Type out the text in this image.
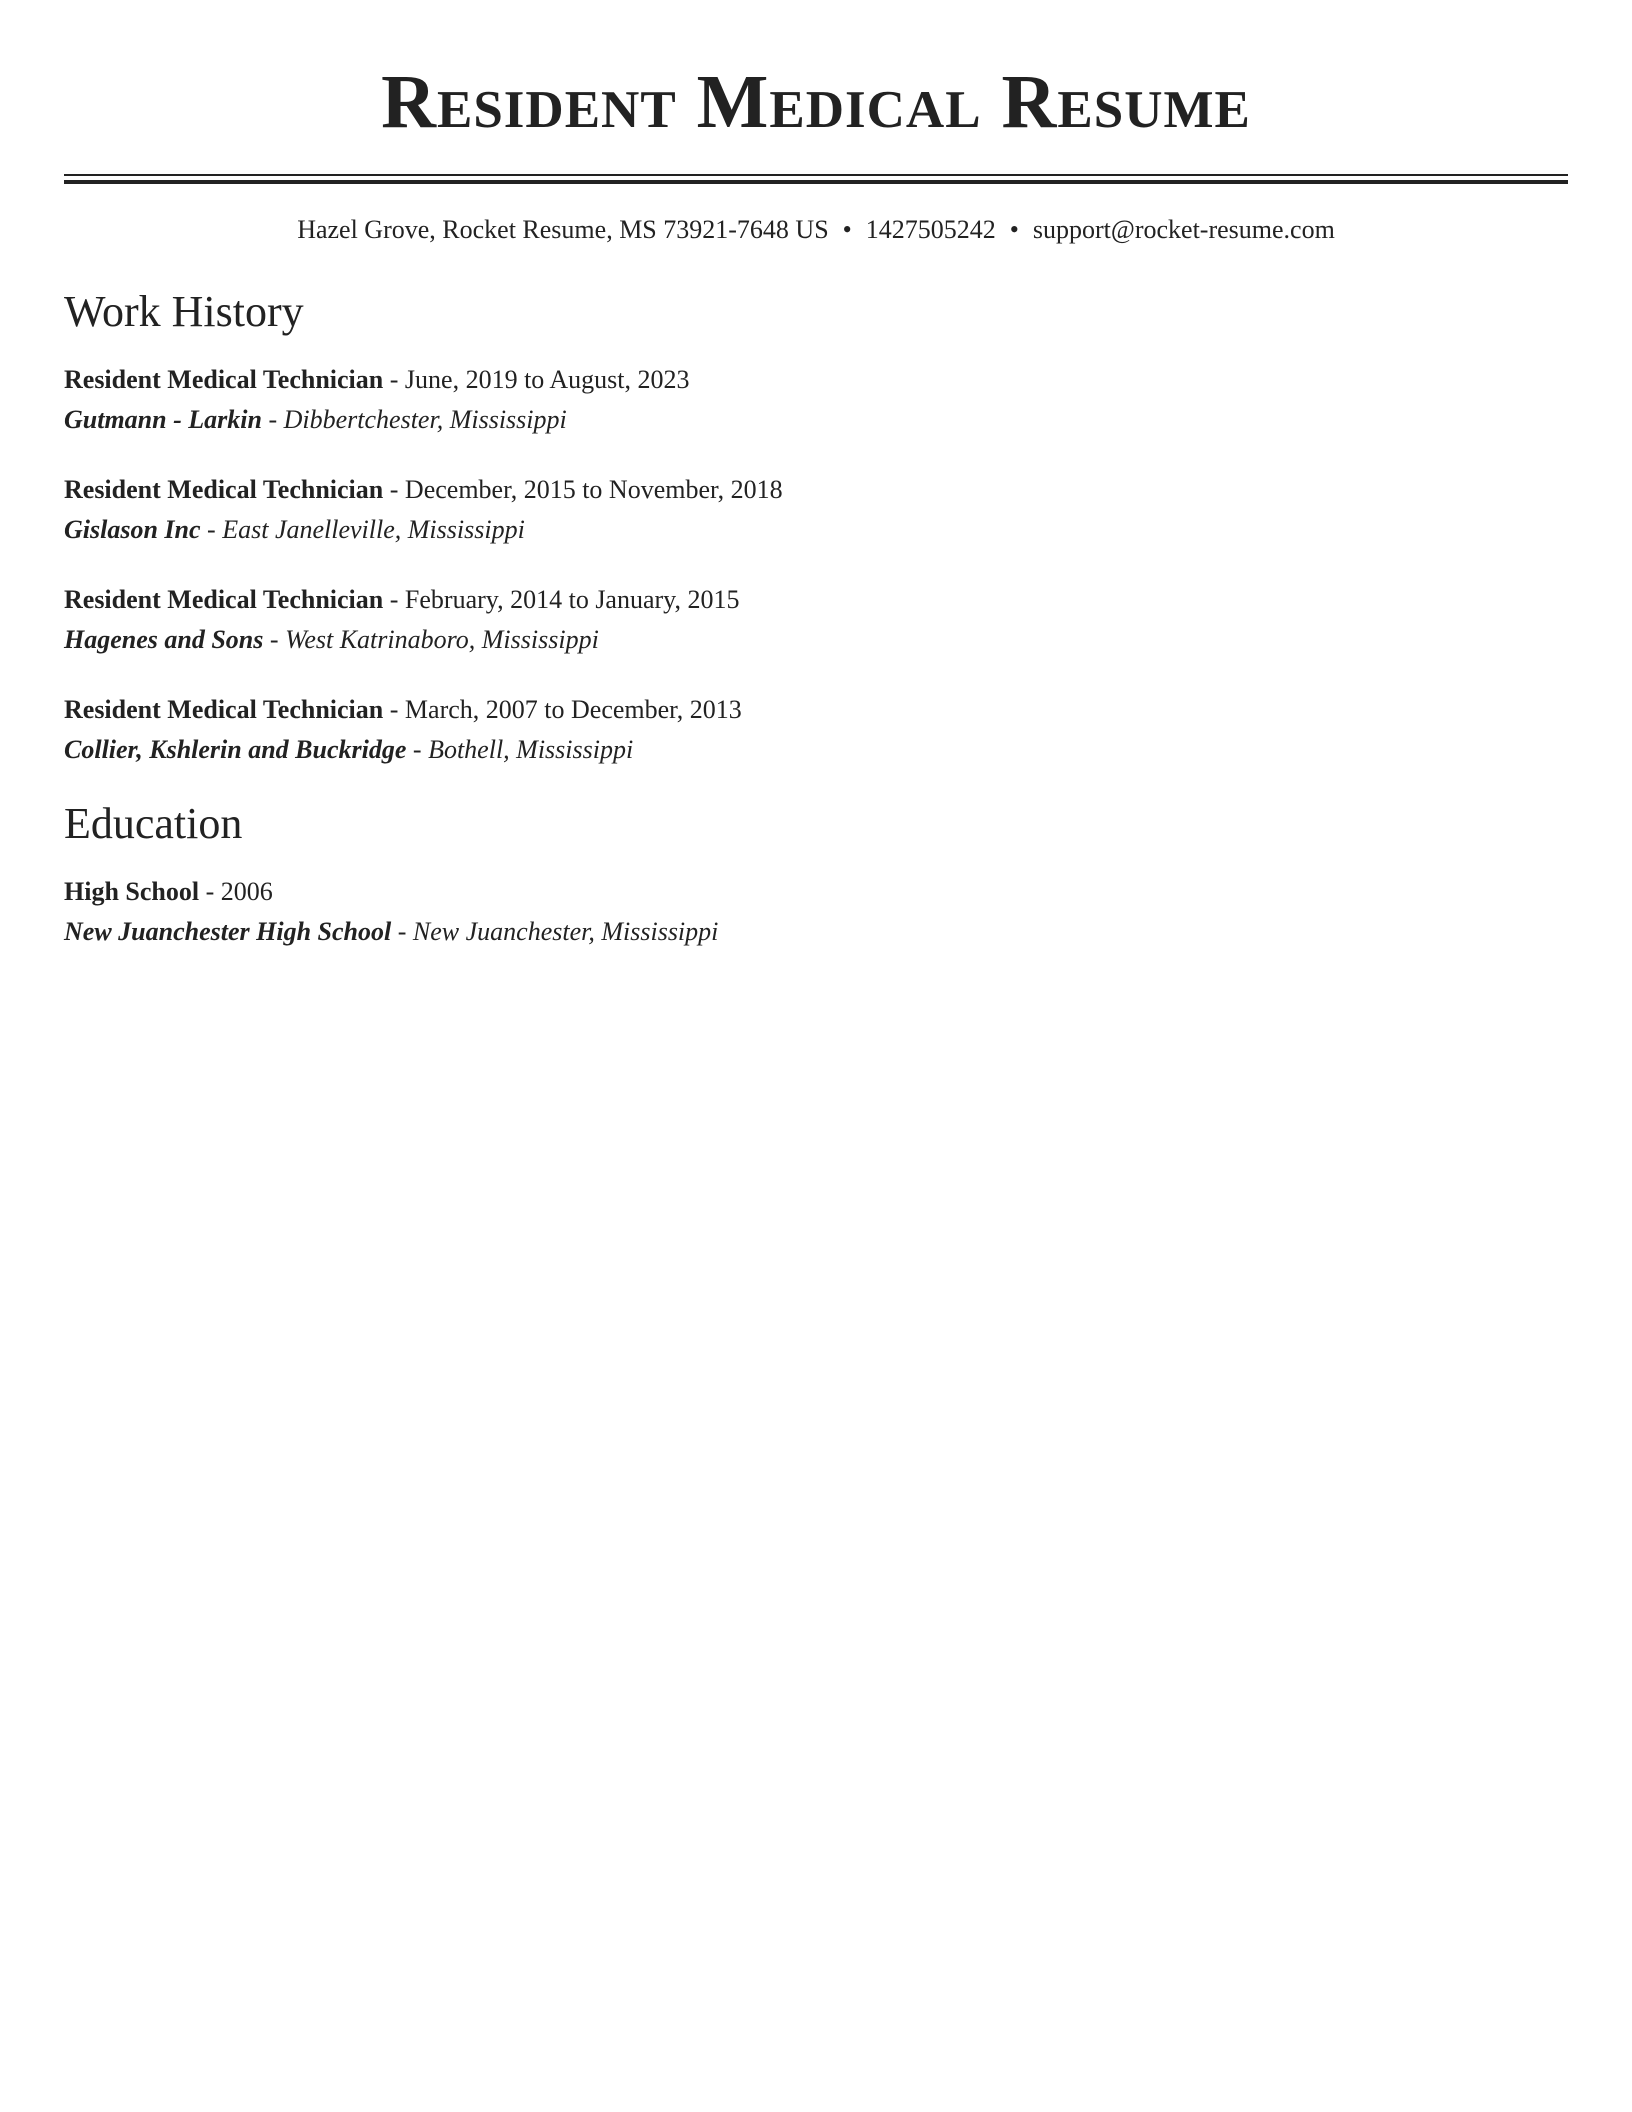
Resident Medical Resume
Hazel Grove, Rocket Resume, MS 73921-7648 US • 1427505242 • support@rocket-resume.com
Work History
Resident Medical Technician - June, 2019 to August, 2023
Gutmann - Larkin - Dibbertchester, Mississippi
Resident Medical Technician - December, 2015 to November, 2018
Gislason Inc - East Janelleville, Mississippi
Resident Medical Technician - February, 2014 to January, 2015
Hagenes and Sons - West Katrinaboro, Mississippi
Resident Medical Technician - March, 2007 to December, 2013
Collier, Kshlerin and Buckridge - Bothell, Mississippi
Education
High School - 2006
New Juanchester High School - New Juanchester, Mississippi
